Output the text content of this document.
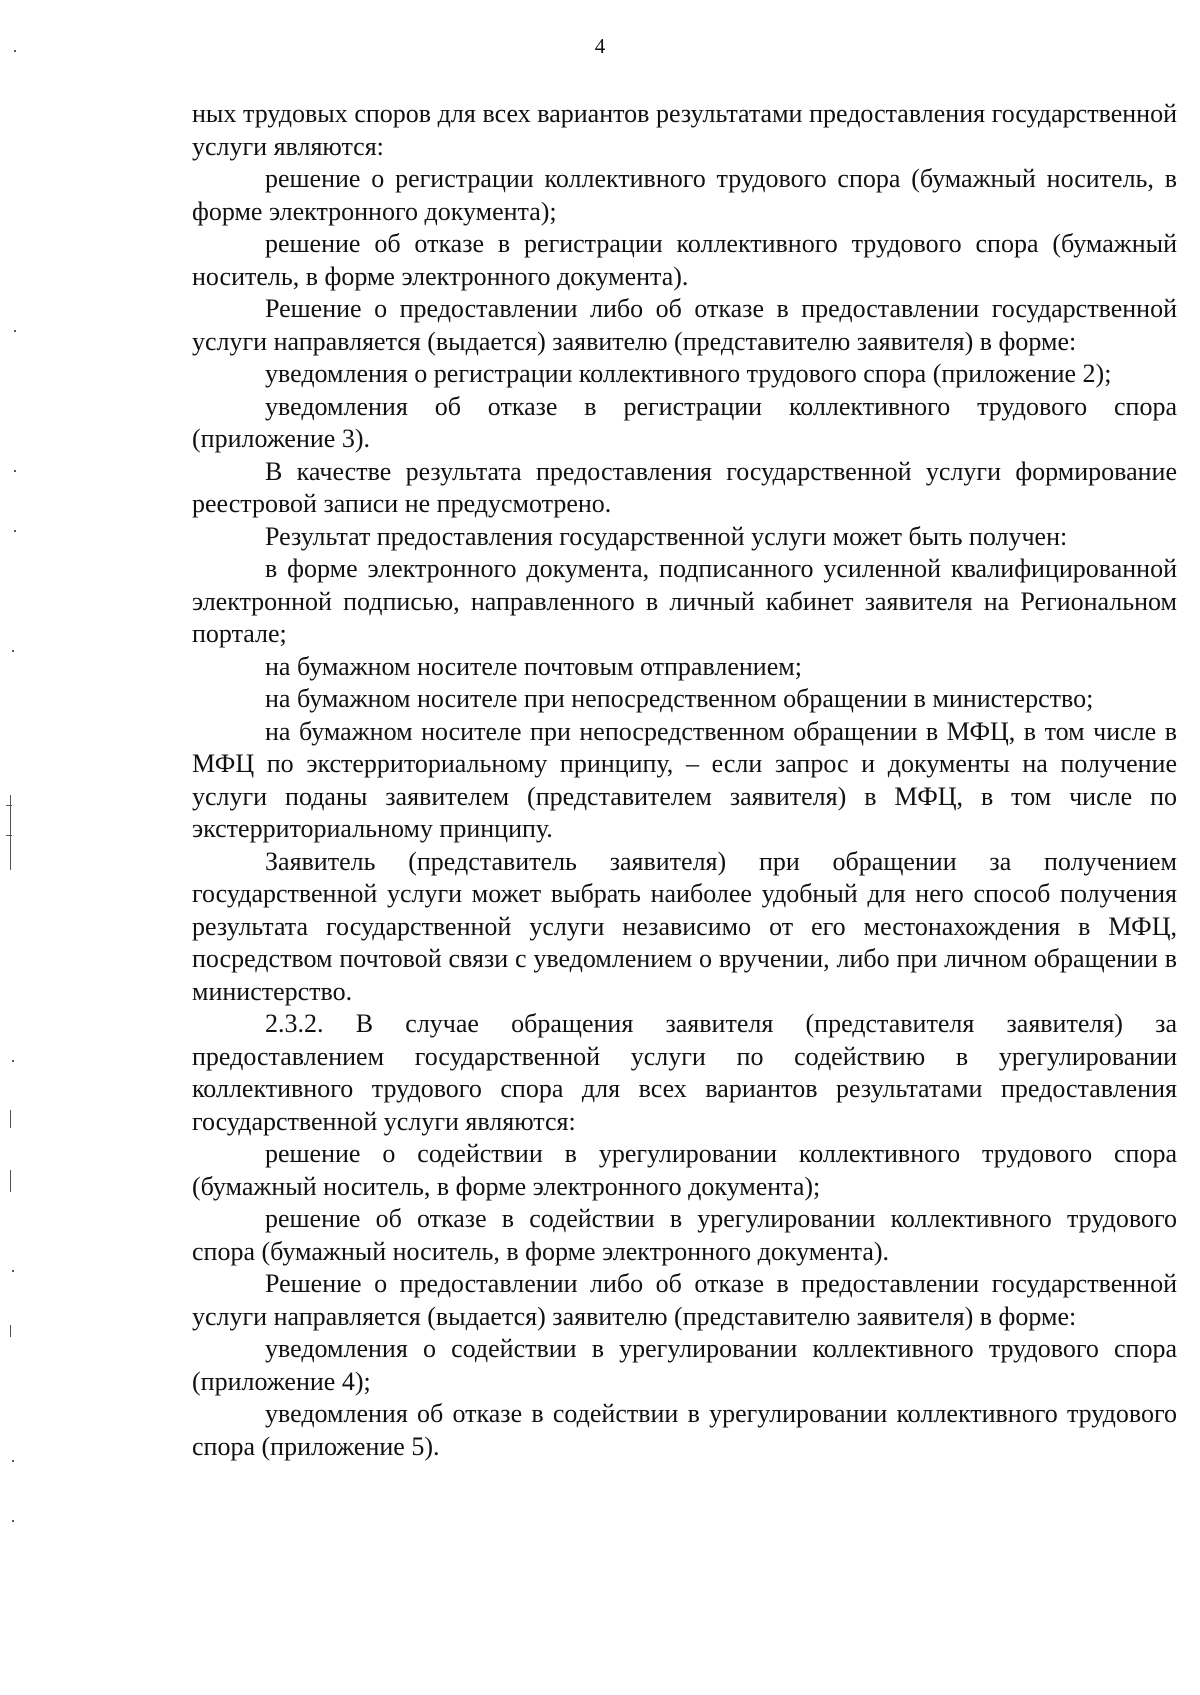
4

ных трудовых споров для всех вариантов результатами предоставления государственной услуги являются:

решение о регистрации коллективного трудового спора (бумажный носитель, в форме электронного документа);

решение об отказе в регистрации коллективного трудового спора (бумажный носитель, в форме электронного документа).

Решение о предоставлении либо об отказе в предоставлении государственной услуги направляется (выдается) заявителю (представителю заявителя) в форме:

уведомления о регистрации коллективного трудового спора (приложение 2);

уведомления об отказе в регистрации коллективного трудового спора (приложение 3).

В качестве результата предоставления государственной услуги формирование реестровой записи не предусмотрено.

Результат предоставления государственной услуги может быть получен:

в форме электронного документа, подписанного усиленной квалифицированной электронной подписью, направленного в личный кабинет заявителя на Региональном портале;

на бумажном носителе почтовым отправлением;

на бумажном носителе при непосредственном обращении в министерство;

на бумажном носителе при непосредственном обращении в МФЦ, в том числе в МФЦ по экстерриториальному принципу, – если запрос и документы на получение услуги поданы заявителем (представителем заявителя) в МФЦ, в том числе по экстерриториальному принципу.

Заявитель (представитель заявителя) при обращении за получением государственной услуги может выбрать наиболее удобный для него способ получения результата государственной услуги независимо от его местонахождения в МФЦ, посредством почтовой связи с уведомлением о вручении, либо при личном обращении в министерство.

2.3.2. В случае обращения заявителя (представителя заявителя) за предоставлением государственной услуги по содействию в урегулировании коллективного трудового спора для всех вариантов результатами предоставления государственной услуги являются:

решение о содействии в урегулировании коллективного трудового спора (бумажный носитель, в форме электронного документа);

решение об отказе в содействии в урегулировании коллективного трудового спора (бумажный носитель, в форме электронного документа).

Решение о предоставлении либо об отказе в предоставлении государственной услуги направляется (выдается) заявителю (представителю заявителя) в форме:

уведомления о содействии в урегулировании коллективного трудового спора (приложение 4);

уведомления об отказе в содействии в урегулировании коллективного трудового спора (приложение 5).
